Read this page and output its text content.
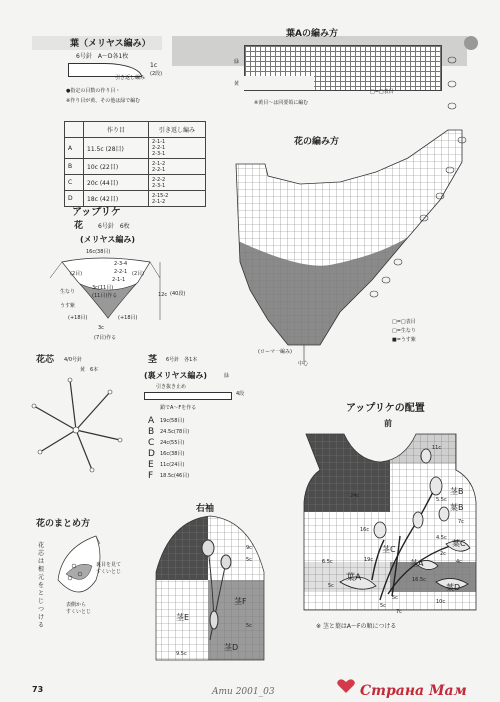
葉（メリヤス編み）
6号針　A〜D各1枚
1c
(2段)
引き返し編み
●指定の目数の作り目・
※作り目が黄、その他は緑で編む
	作り目	引き返し編み
A	11.5c (28目)	2-1-1
2-2-1
2-3-1
B	10c (22目)	2-1-2
2-2-1
C	20c (44目)	2-2-2
2-3-1
D	18c (42目)	2-15-2
2-1-2
葉Aの編み方
緑
黄
※黄目〜は同要領に編む
□=□表目
花の編み方
□=□表目
□=生なり
■=うす紫
中心
(ローマ一編み)
アップリケ
花 6号針　6枚
(メリヤス編み)
16c(38目)
12c (40段)
3c
(7目)作る
2-3-4
2-2-1
2-1-1
(2目)	(2目)
生なり
うす紫
(+18目)	(+18目)
3c(11目)
(11目)作る
花芯 4/0号針
黄　6本
茎 6号針　各1本
(裏メリヤス編み)	緑
引き抜き止め
4段
鎖でA〜Fを作る
A 19c(58目)
B 24.5c(78目)
C 24c(55目)
D 16c(38目)
E 11c(24目)
F 18.5c(46目)
花のまとめ方
花芯は根元をとじつける
裏目を見て
すくいとじ
表側から
すくいとじ
右袖
9c
5c
茎E
茎F
9.5c
茎D
5c
アップリケの配置
前
24c
11c
16c
19c
茎C
6.5c
葉A
5c
茎A
茎B
5.5c
葉B
7c
4.5c
葉C
2c
4c
5c
10c
葉D
16.5c
5c
7c
※ 茎と葉はA〜Fの順につける
73	Amu 2001_03	Страна Мам
